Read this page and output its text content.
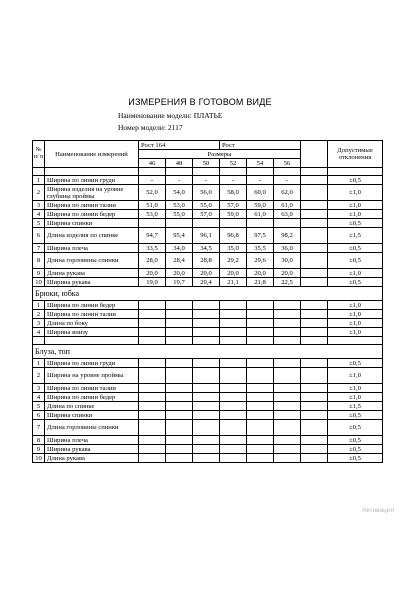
ИЗМЕРЕНИЯ В ГОТОВОМ ВИДЕ
Наименование модели: ПЛАТЬЕ
Номер модели: 2117
№ п/ п	Наименование измерений	Рост 164			Рост				Допустимые отклонения
		Размеры							
		46	48	50	52	54	56		

1	Ширина по линии груди	-	-	-	-	-	-		±0,5
2	Ширина изделия на уровне глубины проймы	52,0	54,0	56,0	58,0	60,0	62,0		±1,0
3	Ширина по линии талии	51,0	53,0	55,0	57,0	59,0	61,0		±1,0
4	Ширина по линии бедер	53,0	55,0	57,0	59,0	61,0	63,0		±1,0
5	Ширина спинки								±0,5
6	Длина изделия по спинке	94,7	95,4	96,1	96,8	97,5	98,2		±1,5
7	Ширина плеча	33,5	34,0	34,5	35,0	35,5	36,0		±0,5
8	Длина горловины спинки	28,0	28,4	28,8	29,2	29,6	30,0		±0,5
9	Длина рукава	20,0	20,0	20,0	20,0	20,0	20,0		±1,0
10	Ширина рукава	19,0	19,7	20,4	21,1	21,8	22,5		±0,5
Брюки, юбка									
1	Ширина по линии бедер								±1,0
2	Ширина по линии талии								±1,0
3	Длина по боку								±1,0
4	Ширина внизу								±1,0

Блуза, топ									
1	Ширина по линии груди								±0,5
2	Ширина на уровне проймы								±1,0
3	Ширина по линии талии								±1,0
4	Ширина по линии бедер								±1,0
5	Длина по спинке								±1,5
6	Ширина спинки								±0,5
7	Длина горловины спинки								±0,5
8	Ширина плеча								±0,5
9	Ширина рукава								±0,5
10	Длина рукава								±0,5
Активация
